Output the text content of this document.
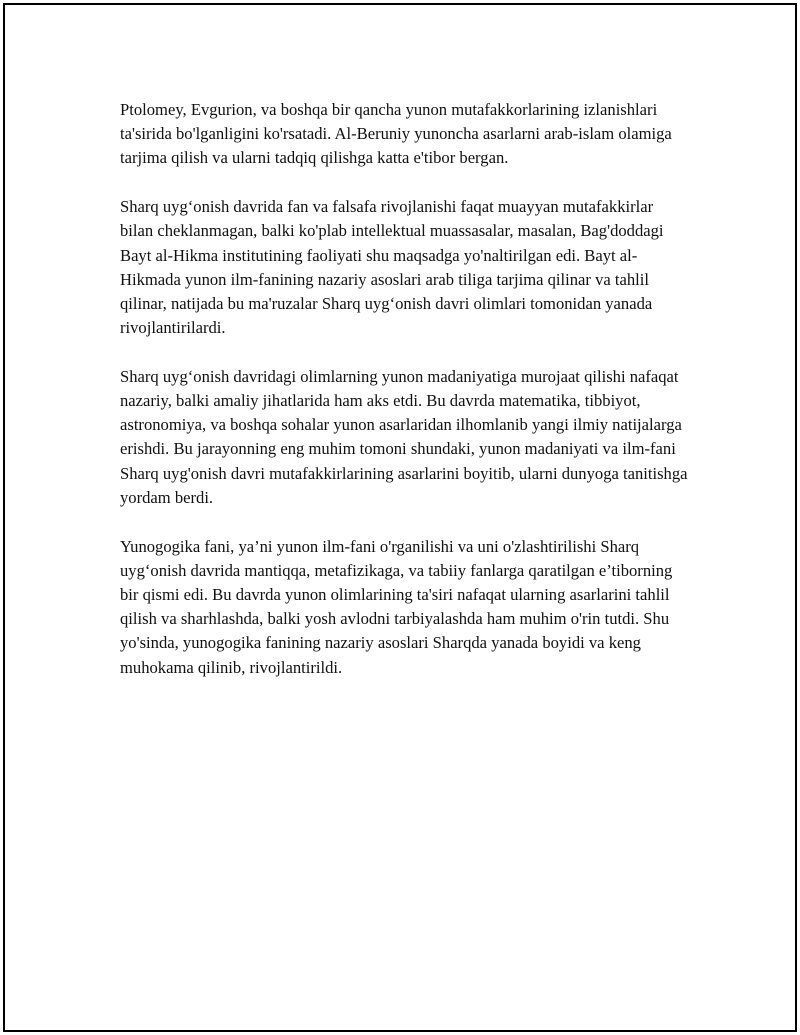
Ptolomey, Evgurion, va boshqa bir qancha yunon mutafakkorlarining izlanishlari ta'sirida bo'lganligini ko'rsatadi. Al-Beruniy yunoncha asarlarni arab-islam olamiga tarjima qilish va ularni tadqiq qilishga katta e'tibor bergan.

Sharq uyg‘onish davrida fan va falsafa rivojlanishi faqat muayyan mutafakkirlar bilan cheklanmagan, balki ko'plab intellektual muassasalar, masalan, Bag'doddagi Bayt al-Hikma institutining faoliyati shu maqsadga yo'naltirilgan edi. Bayt al-Hikmada yunon ilm-fanining nazariy asoslari arab tiliga tarjima qilinar va tahlil qilinar, natijada bu ma'ruzalar Sharq uyg‘onish davri olimlari tomonidan yanada rivojlantirilardi.

Sharq uyg‘onish davridagi olimlarning yunon madaniyatiga murojaat qilishi nafaqat nazariy, balki amaliy jihatlarida ham aks etdi. Bu davrda matematika, tibbiyot, astronomiya, va boshqa sohalar yunon asarlaridan ilhomlanib yangi ilmiy natijalarga erishdi. Bu jarayonning eng muhim tomoni shundaki, yunon madaniyati va ilm-fani Sharq uyg'onish davri mutafakkirlarining asarlarini boyitib, ularni dunyoga tanitishga yordam berdi.

Yunogogika fani, ya’ni yunon ilm-fani o'rganilishi va uni o'zlashtirilishi Sharq uyg‘onish davrida mantiqqa, metafizikaga, va tabiiy fanlarga qaratilgan e’tiborning bir qismi edi. Bu davrda yunon olimlarining ta'siri nafaqat ularning asarlarini tahlil qilish va sharhlashda, balki yosh avlodni tarbiyalashda ham muhim o'rin tutdi. Shu yo'sinda, yunogogika fanining nazariy asoslari Sharqda yanada boyidi va keng muhokama qilinib, rivojlantirildi.
